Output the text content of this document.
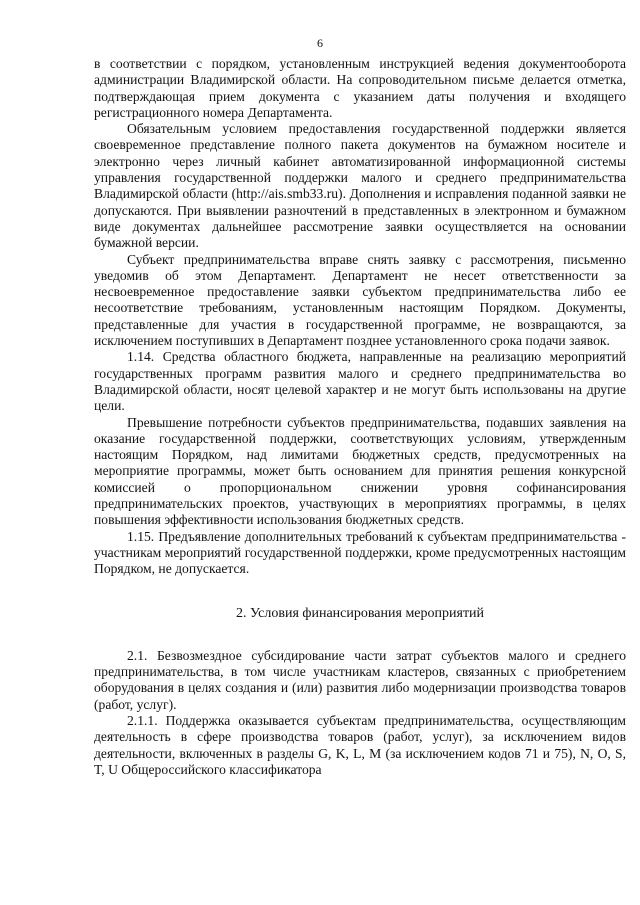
6

в соответствии с порядком, установленным инструкцией ведения документооборота администрации Владимирской области. На сопроводительном письме делается отметка, подтверждающая прием документа с указанием даты получения и входящего регистрационного номера Департамента.

Обязательным условием предоставления государственной поддержки является своевременное представление полного пакета документов на бумажном носителе и электронно через личный кабинет автоматизированной информационной системы управления государственной поддержки малого и среднего предпринимательства Владимирской области (http://ais.smb33.ru). Дополнения и исправления поданной заявки не допускаются. При выявлении разночтений в представленных в электронном и бумажном виде документах дальнейшее рассмотрение заявки осуществляется на основании бумажной версии.

Субъект предпринимательства вправе снять заявку с рассмотрения, письменно уведомив об этом Департамент. Департамент не несет ответственности за несвоевременное предоставление заявки субъектом предпринимательства либо ее несоответствие требованиям, установленным настоящим Порядком. Документы, представленные для участия в государственной программе, не возвращаются, за исключением поступивших в Департамент позднее установленного срока подачи заявок.

1.14. Средства областного бюджета, направленные на реализацию мероприятий государственных программ развития малого и среднего предпринимательства во Владимирской области, носят целевой характер и не могут быть использованы на другие цели.

Превышение потребности субъектов предпринимательства, подавших заявления на оказание государственной поддержки, соответствующих условиям, утвержденным настоящим Порядком, над лимитами бюджетных средств, предусмотренных на мероприятие программы, может быть основанием для принятия решения конкурсной комиссией о пропорциональном снижении уровня софинансирования предпринимательских проектов, участвующих в мероприятиях программы, в целях повышения эффективности использования бюджетных средств.

1.15. Предъявление дополнительных требований к субъектам предпринимательства - участникам мероприятий государственной поддержки, кроме предусмотренных настоящим Порядком, не допускается.

2. Условия финансирования мероприятий

2.1. Безвозмездное субсидирование части затрат субъектов малого и среднего предпринимательства, в том числе участникам кластеров, связанных с приобретением оборудования в целях создания и (или) развития либо модернизации производства товаров (работ, услуг).

2.1.1. Поддержка оказывается субъектам предпринимательства, осуществляющим деятельность в сфере производства товаров (работ, услуг), за исключением видов деятельности, включенных в разделы G, K, L, M (за исключением кодов 71 и 75), N, O, S, T, U Общероссийского классификатора
